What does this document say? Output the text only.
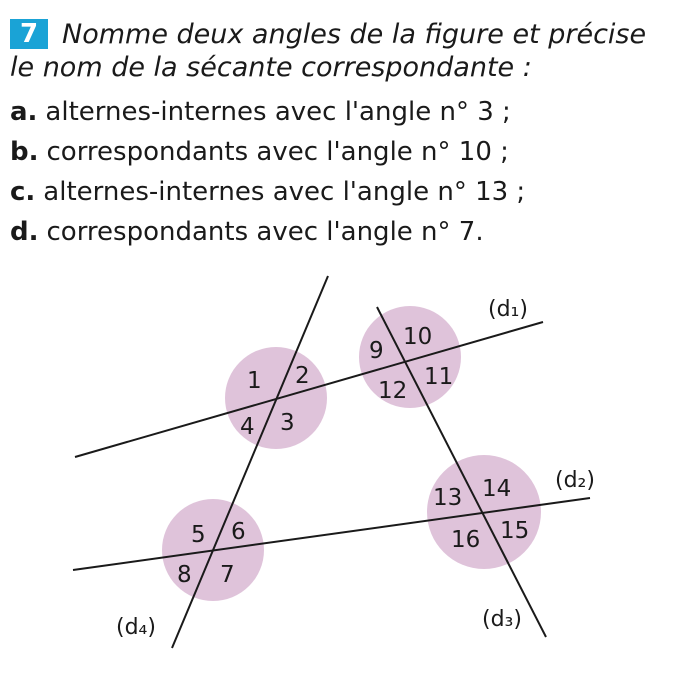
7 Nomme deux angles de la figure et précise
le nom de la sécante correspondante :

a. alternes-internes avec l'angle n° 3 ;
b. correspondants avec l'angle n° 10 ;
c. alternes-internes avec l'angle n° 13 ;
d. correspondants avec l'angle n° 7.
(d₁)
(d₂)
(d₃)
(d₄)
1 2
3
4
5 6
7
8
9
10
11
12
13 14
15
16
